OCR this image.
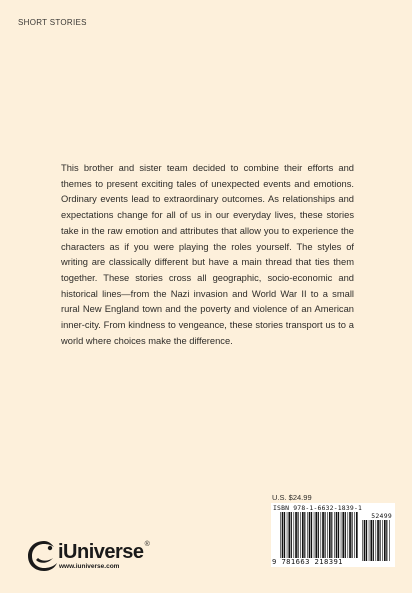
SHORT STORIES

This brother and sister team decided to combine their efforts and themes to present exciting tales of unexpected events and emotions. Ordinary events lead to extraordinary outcomes. As relationships and expectations change for all of us in our everyday lives, these stories take in the raw emotion and attributes that allow you to experience the characters as if you were playing the roles yourself. The styles of writing are classically different but have a main thread that ties them together. These stories cross all geographic, socio-economic and historical lines—from the Nazi invasion and World War II to a small rural New England town and the poverty and violence of an American inner-city. From kindness to vengeance, these stories transport us to a world where choices make the difference.

iUniverse®
www.iuniverse.com
U.S. $24.99
ISBN 978-1-6632-1839-1
52499
9 781663 218391
